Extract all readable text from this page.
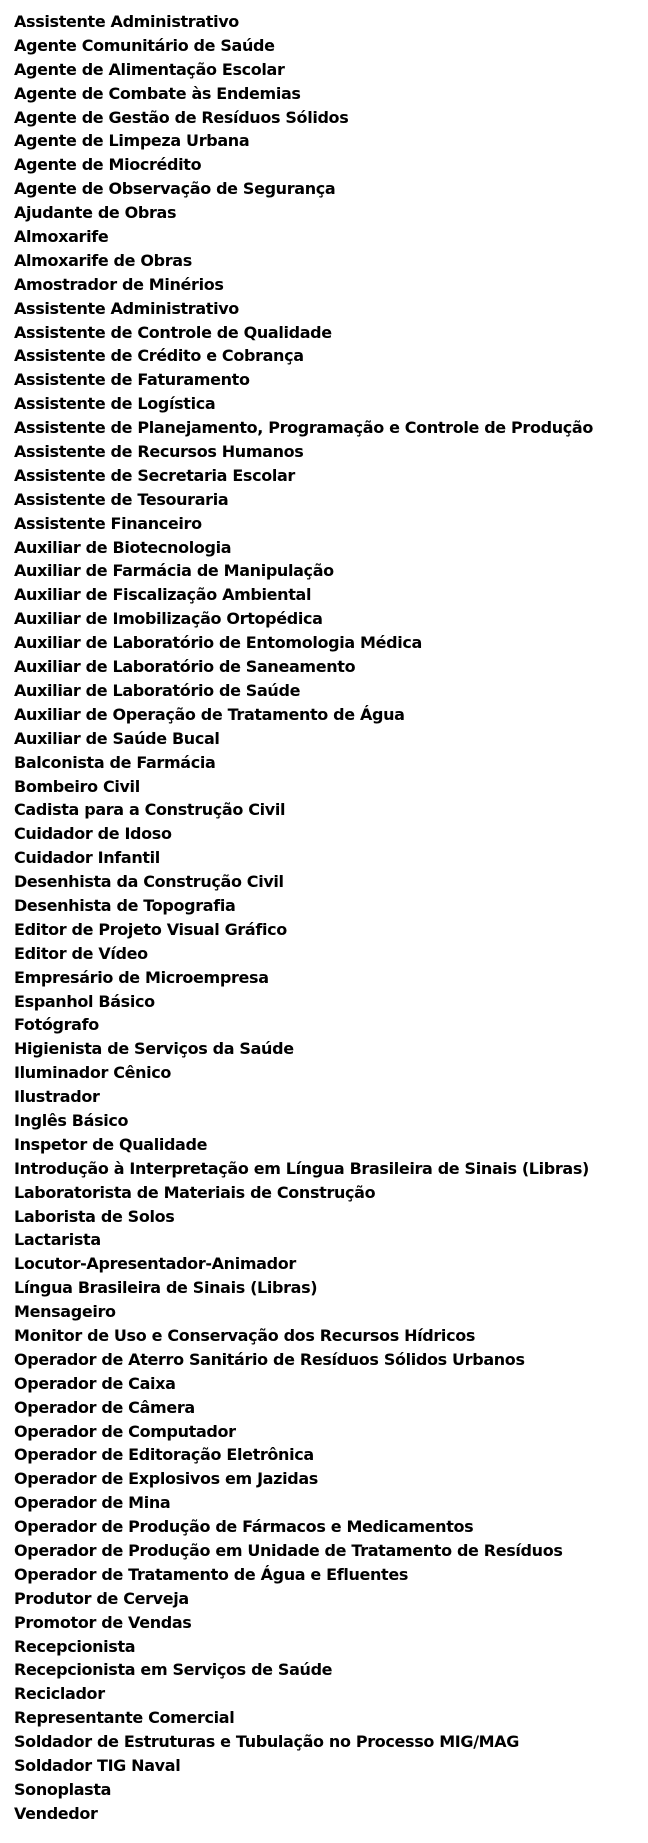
Assistente Administrativo
Agente Comunitário de Saúde
Agente de Alimentação Escolar
Agente de Combate às Endemias
Agente de Gestão de Resíduos Sólidos
Agente de Limpeza Urbana
Agente de Miocrédito
Agente de Observação de Segurança
Ajudante de Obras
Almoxarife
Almoxarife de Obras
Amostrador de Minérios
Assistente Administrativo
Assistente de Controle de Qualidade
Assistente de Crédito e Cobrança
Assistente de Faturamento
Assistente de Logística
Assistente de Planejamento, Programação e Controle de Produção
Assistente de Recursos Humanos
Assistente de Secretaria Escolar
Assistente de Tesouraria
Assistente Financeiro
Auxiliar de Biotecnologia
Auxiliar de Farmácia de Manipulação
Auxiliar de Fiscalização Ambiental
Auxiliar de Imobilização Ortopédica
Auxiliar de Laboratório de Entomologia Médica
Auxiliar de Laboratório de Saneamento
Auxiliar de Laboratório de Saúde
Auxiliar de Operação de Tratamento de Água
Auxiliar de Saúde Bucal
Balconista de Farmácia
Bombeiro Civil
Cadista para a Construção Civil
Cuidador de Idoso
Cuidador Infantil
Desenhista da Construção Civil
Desenhista de Topografia
Editor de Projeto Visual Gráfico
Editor de Vídeo
Empresário de Microempresa
Espanhol Básico
Fotógrafo
Higienista de Serviços da Saúde
Iluminador Cênico
Ilustrador
Inglês Básico
Inspetor de Qualidade
Introdução à Interpretação em Língua Brasileira de Sinais (Libras)
Laboratorista de Materiais de Construção
Laborista de Solos
Lactarista
Locutor-Apresentador-Animador
Língua Brasileira de Sinais (Libras)
Mensageiro
Monitor de Uso e Conservação dos Recursos Hídricos
Operador de Aterro Sanitário de Resíduos Sólidos Urbanos
Operador de Caixa
Operador de Câmera
Operador de Computador
Operador de Editoração Eletrônica
Operador de Explosivos em Jazidas
Operador de Mina
Operador de Produção de Fármacos e Medicamentos
Operador de Produção em Unidade de Tratamento de Resíduos
Operador de Tratamento de Água e Efluentes
Produtor de Cerveja
Promotor de Vendas
Recepcionista
Recepcionista em Serviços de Saúde
Reciclador
Representante Comercial
Soldador de Estruturas e Tubulação no Processo MIG/MAG
Soldador TIG Naval
Sonoplasta
Vendedor
